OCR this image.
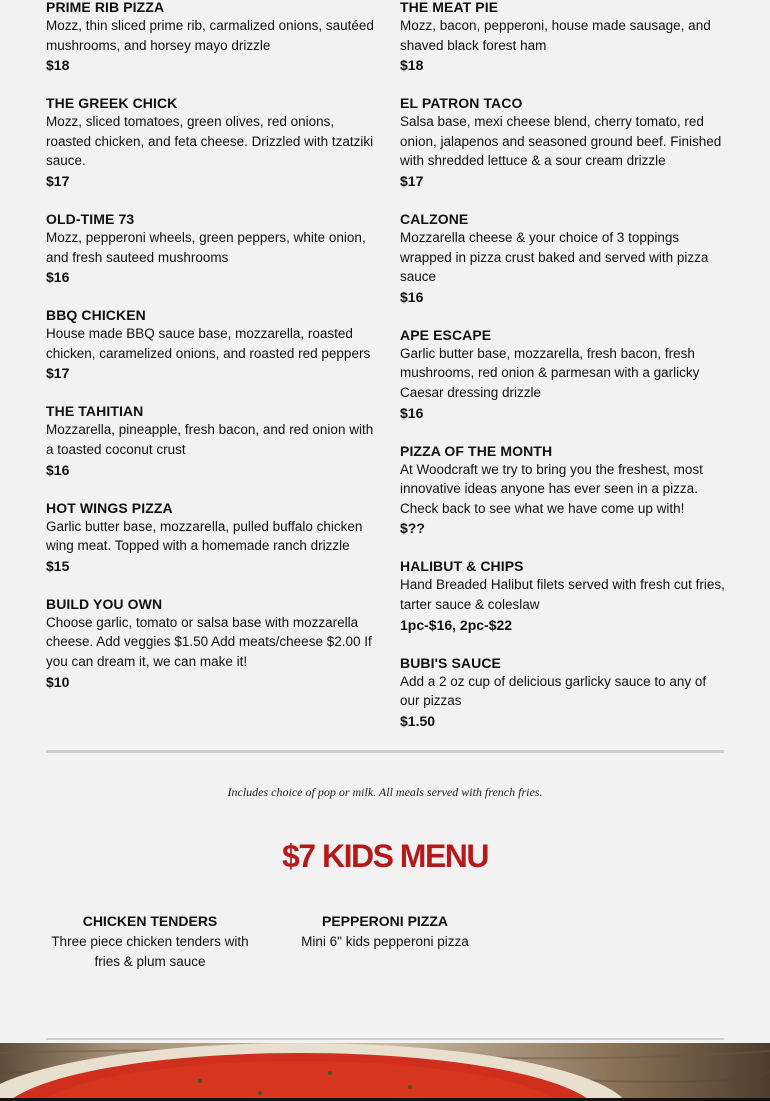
PRIME RIB PIZZA
Mozz, thin sliced prime rib, carmalized onions, sautéed mushrooms, and horsey mayo drizzle
$18
THE GREEK CHICK
Mozz, sliced tomatoes, green olives, red onions, roasted chicken, and feta cheese. Drizzled with tzatziki sauce.
$17
OLD-TIME 73
Mozz, pepperoni wheels, green peppers, white onion, and fresh sauteed mushrooms
$16
BBQ CHICKEN
House made BBQ sauce base, mozzarella, roasted chicken, caramelized onions, and roasted red peppers
$17
THE TAHITIAN
Mozzarella, pineapple, fresh bacon, and red onion with a toasted coconut crust
$16
HOT WINGS PIZZA
Garlic butter base, mozzarella, pulled buffalo chicken wing meat. Topped with a homemade ranch drizzle
$15
BUILD YOU OWN
Choose garlic, tomato or salsa base with mozzarella cheese. Add veggies $1.50 Add meats/cheese $2.00 If you can dream it, we can make it!
$10
THE MEAT PIE
Mozz, bacon, pepperoni, house made sausage, and shaved black forest ham
$18
EL PATRON TACO
Salsa base, mexi cheese blend, cherry tomato, red onion, jalapenos and seasoned ground beef. Finished with shredded lettuce & a sour cream drizzle
$17
CALZONE
Mozzarella cheese & your choice of 3 toppings wrapped in pizza crust baked and served with pizza sauce
$16
APE ESCAPE
Garlic butter base, mozzarella, fresh bacon, fresh mushrooms, red onion & parmesan with a garlicky Caesar dressing drizzle
$16
PIZZA OF THE MONTH
At Woodcraft we try to bring you the freshest, most innovative ideas anyone has ever seen in a pizza. Check back to see what we have come up with!
$??
HALIBUT & CHIPS
Hand Breaded Halibut filets served with fresh cut fries, tarter sauce & coleslaw
1pc-$16, 2pc-$22
BUBI'S SAUCE
Add a 2 oz cup of delicious garlicky sauce to any of our pizzas
$1.50
Includes choice of pop or milk. All meals served with french fries.
$7 KIDS MENU
CHICKEN TENDERS
Three piece chicken tenders with fries & plum sauce
PEPPERONI PIZZA
Mini 6" kids pepperoni pizza
